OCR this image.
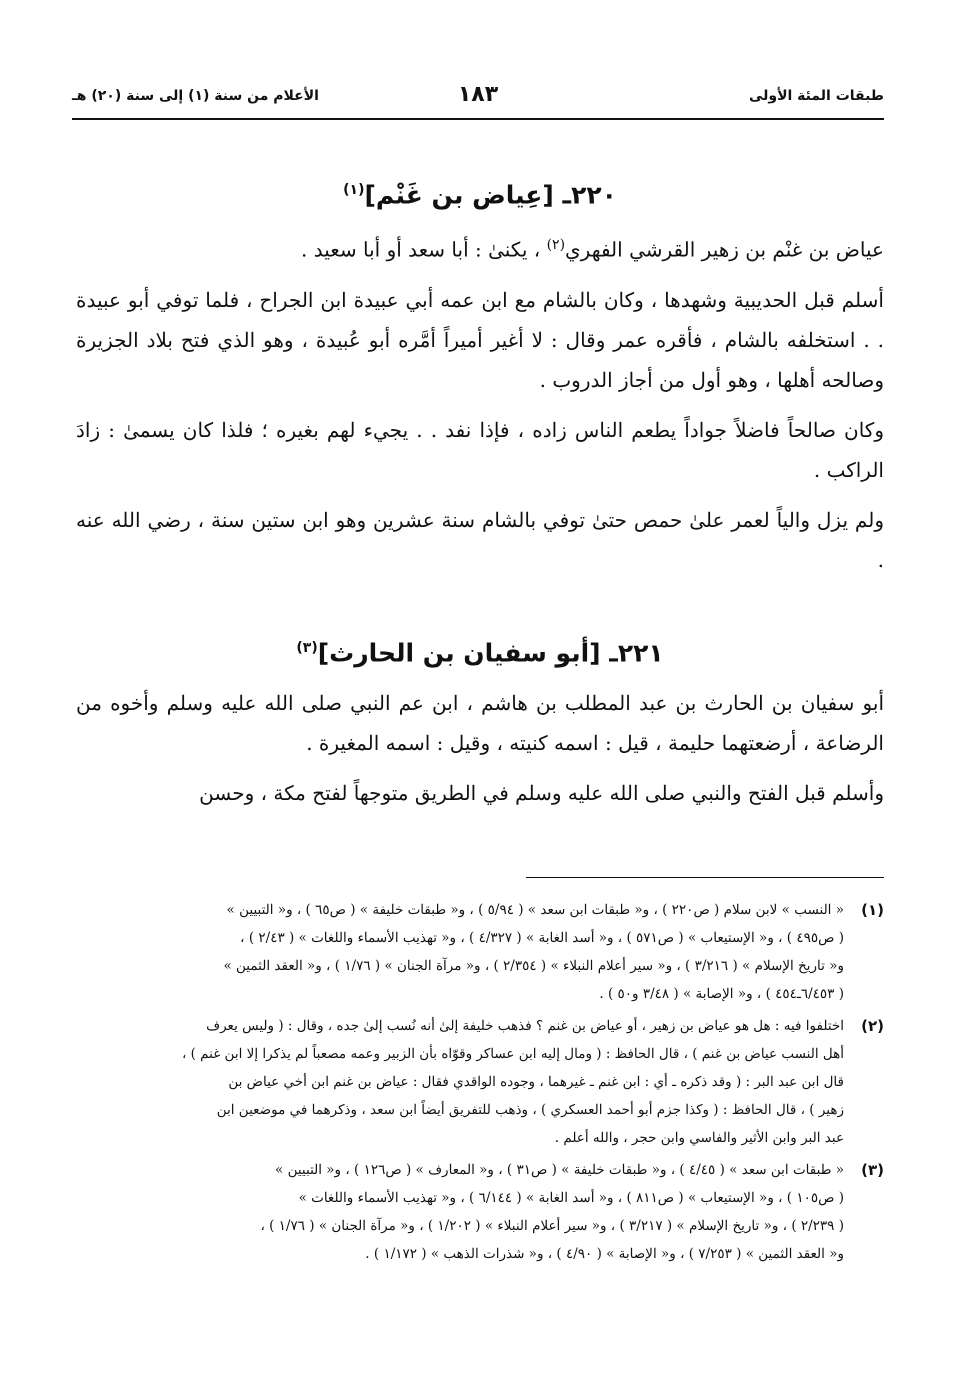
طبقات المئة الأولى
١٨٣
الأعلام من سنة (١) إلى سنة (٢٠) هـ
٢٢٠ـ [عِياض بن غَنْم]$^{(١)}$

عياض بن غنْم بن زهير القرشي الفهري$^{(٢)}$ ، يكنىٰ : أبا سعد أو أبا سعيد .

أسلم قبل الحديبية وشهدها ، وكان بالشام مع ابن عمه أبي عبيدة ابن الجراح ، فلما توفي أبو عبيدة . . استخلفه بالشام ، فأقره عمر وقال : لا أغير أميراً أمَّره أبو عُبيدة ، وهو الذي فتح بلاد الجزيرة وصالحه أهلها ، وهو أول من أجاز الدروب .

وكان صالحاً فاضلاً جواداً يطعم الناس زاده ، فإذا نفد . . يجيء لهم بغيره ؛ فلذا كان يسمىٰ : زادَ الراكب .

ولم يزل والياً لعمر علىٰ حمص حتىٰ توفي بالشام سنة عشرين وهو ابن ستين سنة ، رضي الله عنه .

٢٢١ـ [أبو سفيان بن الحارث]$^{(٣)}$

أبو سفيان بن الحارث بن عبد المطلب بن هاشم ، ابن عم النبي صلى الله عليه وسلم وأخوه من الرضاعة ، أرضعتهما حليمة ، قيل : اسمه كنيته ، وقيل : اسمه المغيرة .

وأسلم قبل الفتح والنبي صلى الله عليه وسلم في الطريق متوجهاً لفتح مكة ، وحسن

(١)
« النسب » لابن سلام ( ص٢٢٠ ) ، و« طبقات ابن سعد » ( ٥/٩٤ ) ، و« طبقات خليفة » ( ص٦٥ ) ، و« التبيين »
( ص٤٩٥ ) ، و« الإستيعاب » ( ص٥٧١ ) ، و« أسد الغابة » ( ٤/٣٢٧ ) ، و« تهذيب الأسماء واللغات » ( ٢/٤٣ ) ،
و« تاريخ الإسلام » ( ٣/٢١٦ ) ، و« سير أعلام النبلاء » ( ٢/٣٥٤ ) ، و« مرآة الجنان » ( ١/٧٦ ) ، و« العقد الثمين »
( ٦/٤٥٣ـ٤٥٤ ) ، و« الإصابة » ( ٣/٤٨ و٥٠ ) .
(٢)
اختلفوا فيه : هل هو عياض بن زهير ، أو عياض بن غنم ؟ فذهب خليفة إلىٰ أنه نُسب إلىٰ جده ، وقال : ( وليس يعرف
أهل النسب عياض بن غنم ) ، قال الحافظ : ( ومال إليه ابن عساكر وقوّاه بأن الزبير وعمه مصعباً لم يذكرا إلا ابن غنم ) ،
قال ابن عبد البر : ( وقد ذكره ـ أي : ابن غنم ـ غيرهما ، وجوده الواقدي فقال : عياض بن غنم ابن أخي عياض بن
زهير ) ، قال الحافظ : ( وكذا جزم أبو أحمد العسكري ) ، وذهب للتفريق أيضاً ابن سعد ، وذكرهما في موضعين ابن
عبد البر وابن الأثير والفاسي وابن حجر ، والله أعلم .
(٣)
« طبقات ابن سعد » ( ٤/٤٥ ) ، و« طبقات خليفة » ( ص٣١ ) ، و« المعارف » ( ص١٢٦ ) ، و« التبيين »
( ص١٠٥ ) ، و« الإستيعاب » ( ص٨١١ ) ، و« أسد الغابة » ( ٦/١٤٤ ) ، و« تهذيب الأسماء واللغات »
( ٢/٢٣٩ ) ، و« تاريخ الإسلام » ( ٣/٢١٧ ) ، و« سير أعلام النبلاء » ( ١/٢٠٢ ) ، و« مرآة الجنان » ( ١/٧٦ ) ،
و« العقد الثمين » ( ٧/٢٥٣ ) ، و« الإصابة » ( ٤/٩٠ ) ، و« شذرات الذهب » ( ١/١٧٢ ) .
